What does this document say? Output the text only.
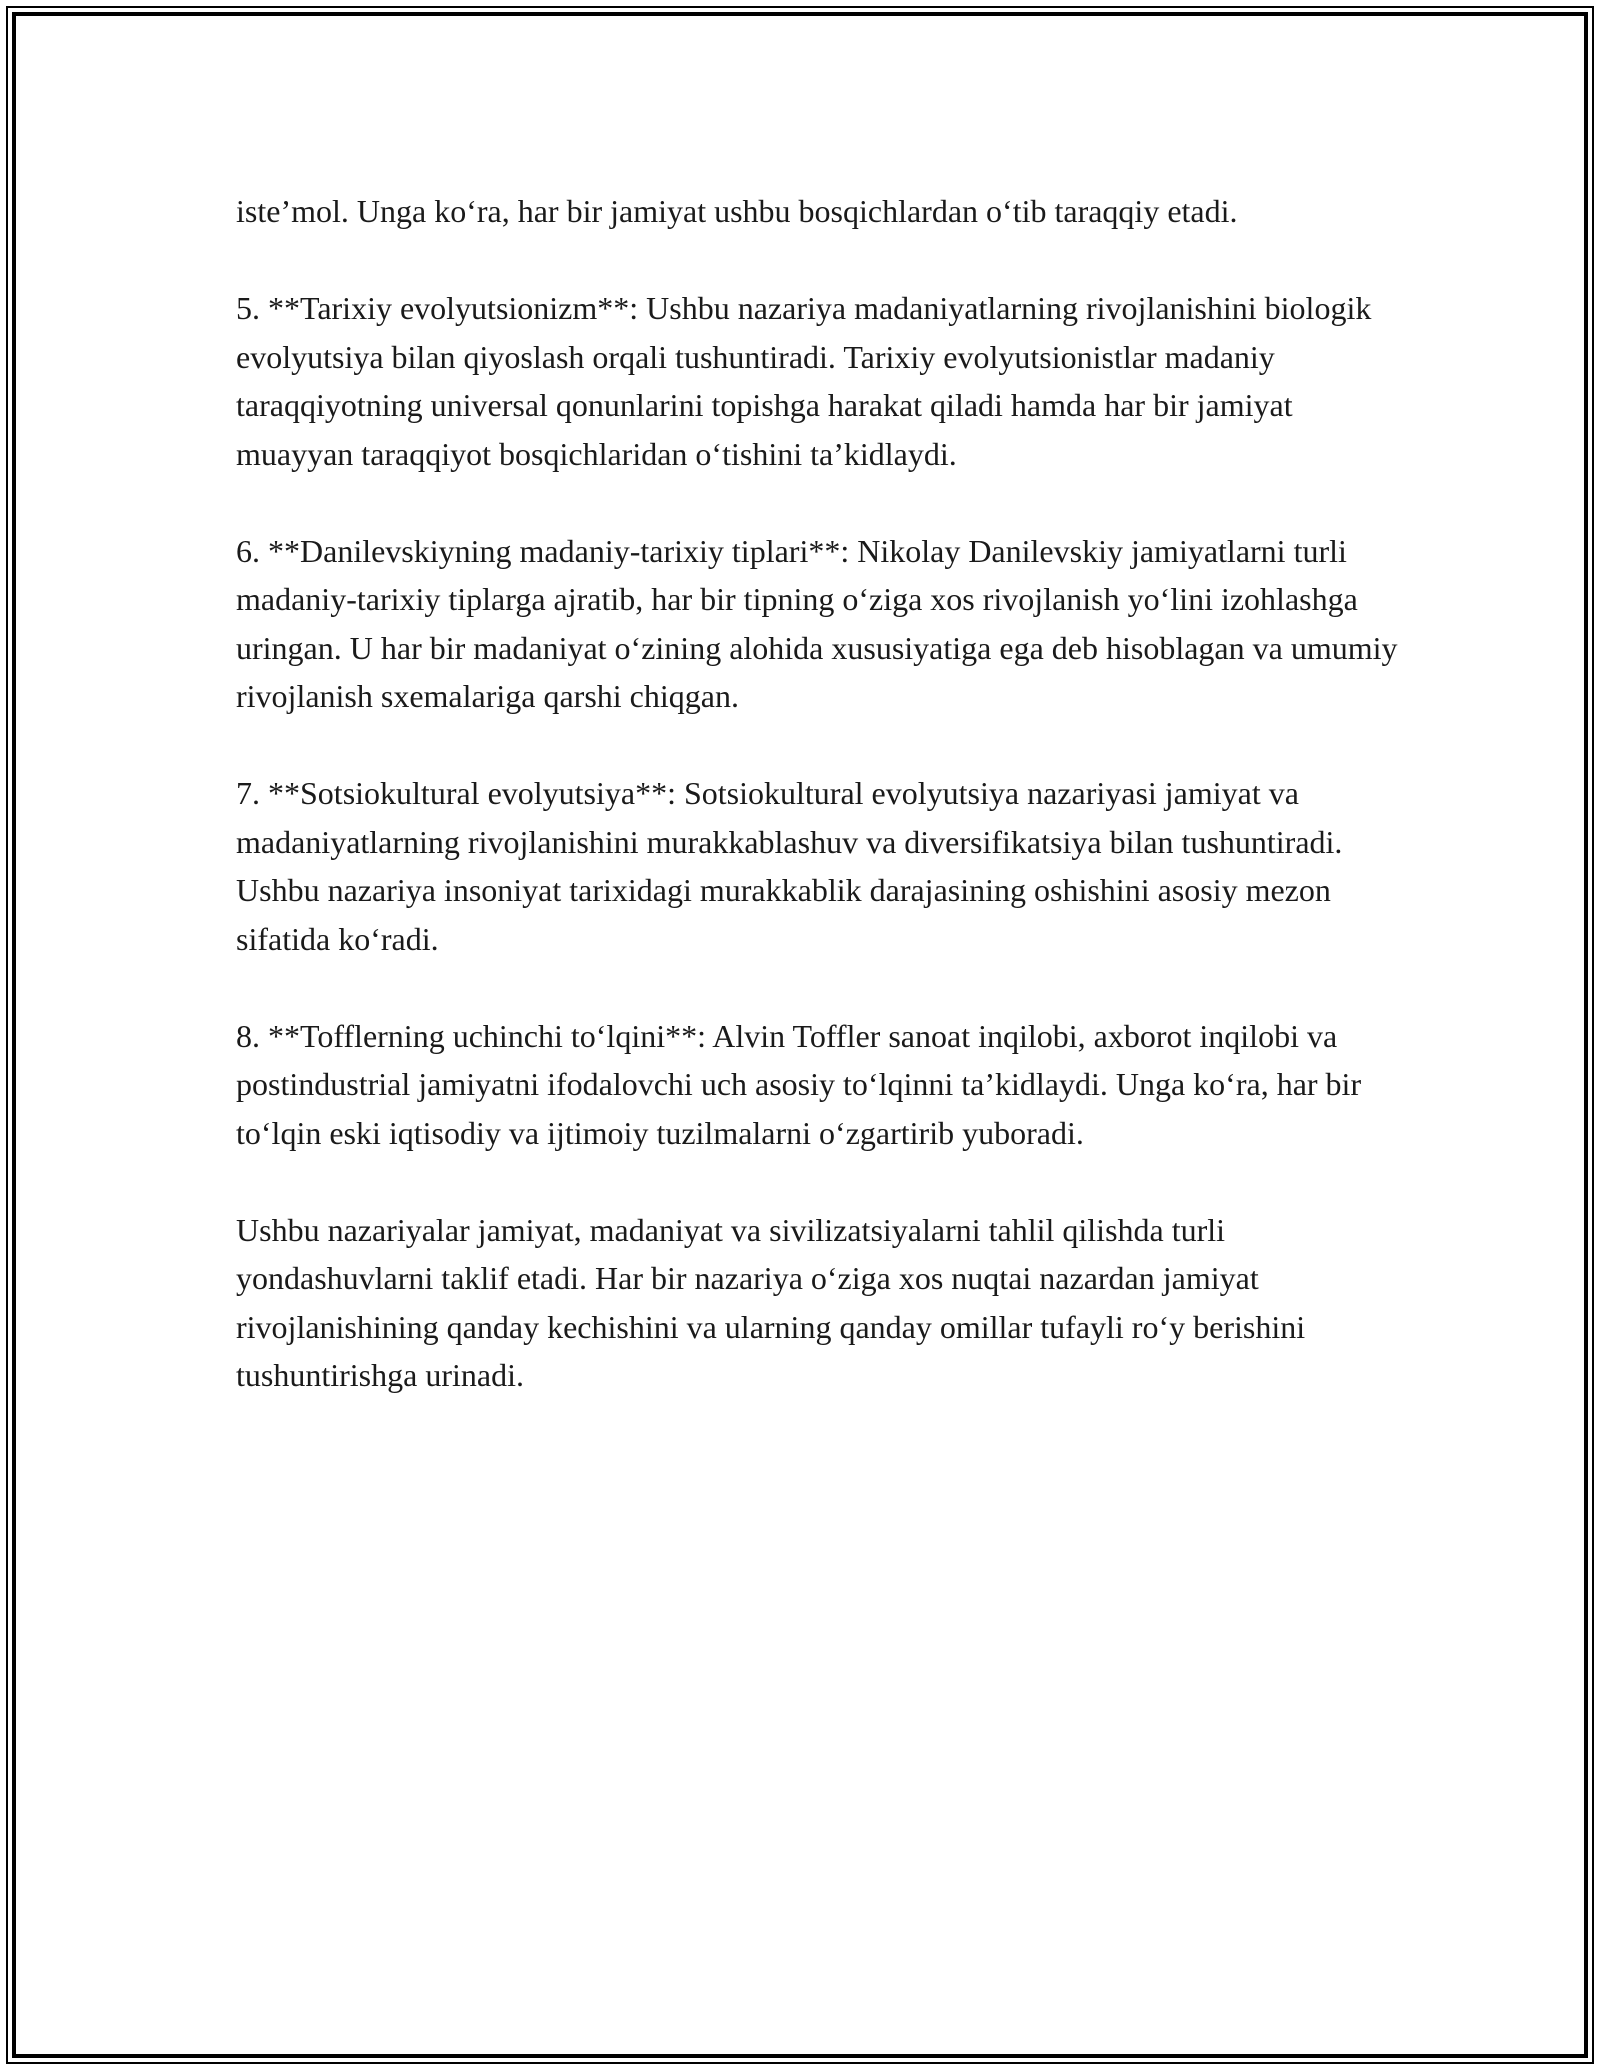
iste’mol. Unga ko‘ra, har bir jamiyat ushbu bosqichlardan o‘tib taraqqiy etadi.

5. **Tarixiy evolyutsionizm**: Ushbu nazariya madaniyatlarning rivojlanishini biologik evolyutsiya bilan qiyoslash orqali tushuntiradi. Tarixiy evolyutsionistlar madaniy taraqqiyotning universal qonunlarini topishga harakat qiladi hamda har bir jamiyat muayyan taraqqiyot bosqichlaridan o‘tishini ta’kidlaydi.

6. **Danilevskiyning madaniy-tarixiy tiplari**: Nikolay Danilevskiy jamiyatlarni turli madaniy-tarixiy tiplarga ajratib, har bir tipning o‘ziga xos rivojlanish yo‘lini izohlashga uringan. U har bir madaniyat o‘zining alohida xususiyatiga ega deb hisoblagan va umumiy rivojlanish sxemalariga qarshi chiqgan.

7. **Sotsiokultural evolyutsiya**: Sotsiokultural evolyutsiya nazariyasi jamiyat va madaniyatlarning rivojlanishini murakkablashuv va diversifikatsiya bilan tushuntiradi. Ushbu nazariya insoniyat tarixidagi murakkablik darajasining oshishini asosiy mezon sifatida ko‘radi.

8. **Tofflerning uchinchi to‘lqini**: Alvin Toffler sanoat inqilobi, axborot inqilobi va postindustrial jamiyatni ifodalovchi uch asosiy to‘lqinni ta’kidlaydi. Unga ko‘ra, har bir to‘lqin eski iqtisodiy va ijtimoiy tuzilmalarni o‘zgartirib yuboradi.

Ushbu nazariyalar jamiyat, madaniyat va sivilizatsiyalarni tahlil qilishda turli yondashuvlarni taklif etadi. Har bir nazariya o‘ziga xos nuqtai nazardan jamiyat rivojlanishining qanday kechishini va ularning qanday omillar tufayli ro‘y berishini tushuntirishga urinadi.
